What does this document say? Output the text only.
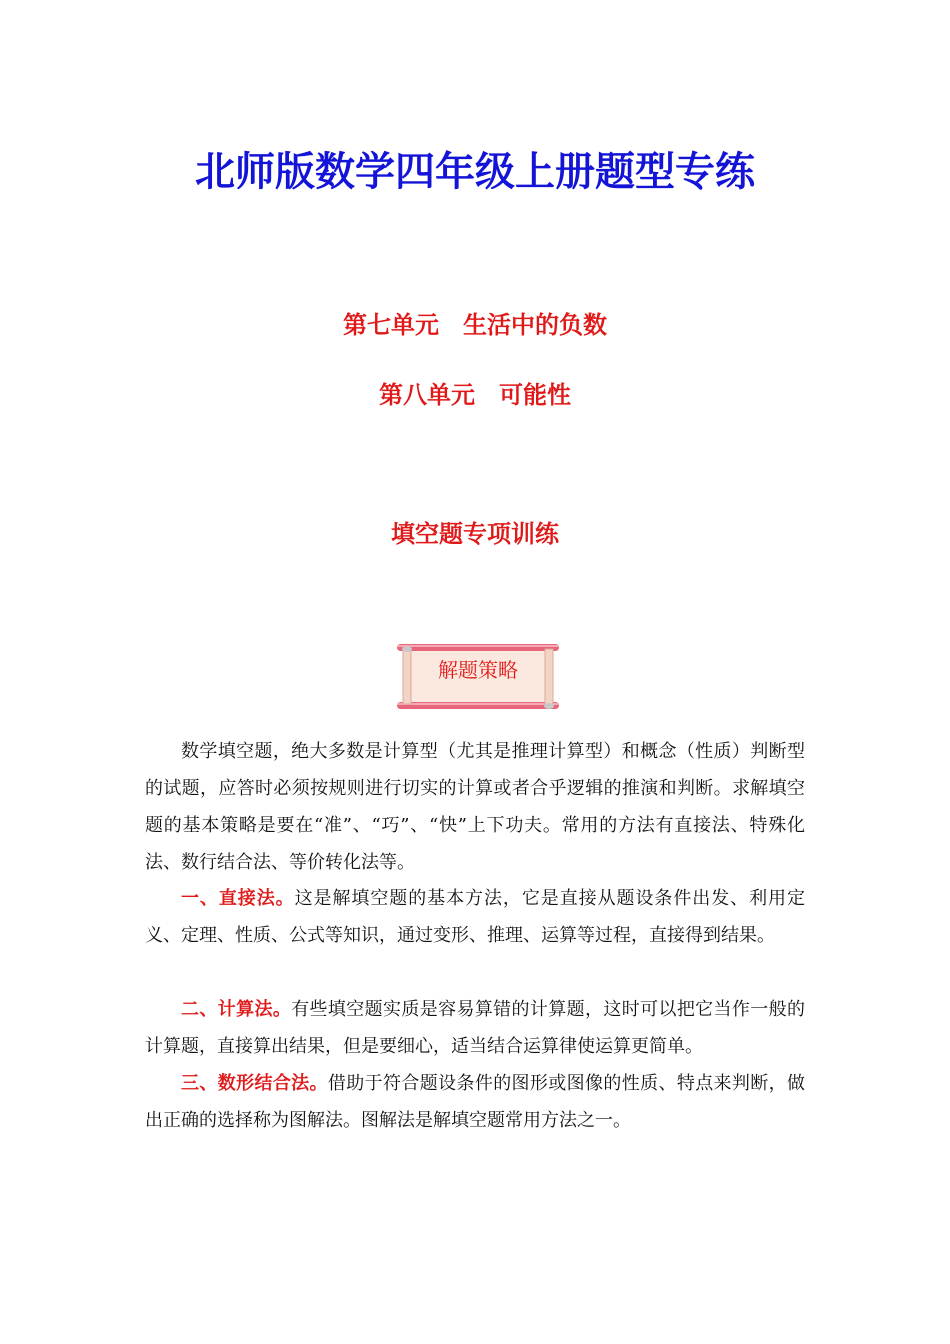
北师版数学四年级上册题型专练
第七单元　生活中的负数
第八单元　可能性
填空题专项训练
解题策略

数学填空题，绝大多数是计算型（尤其是推理计算型）和概念（性质）判断型的试题，应答时必须按规则进行切实的计算或者合乎逻辑的推演和判断。求解填空题的基本策略是要在“准”、“巧”、“快”上下功夫。常用的方法有直接法、特殊化法、数行结合法、等价转化法等。

一、直接法。这是解填空题的基本方法，它是直接从题设条件出发、利用定义、定理、性质、公式等知识，通过变形、推理、运算等过程，直接得到结果。

二、计算法。有些填空题实质是容易算错的计算题，这时可以把它当作一般的计算题，直接算出结果，但是要细心，适当结合运算律使运算更简单。

三、数形结合法。借助于符合题设条件的图形或图像的性质、特点来判断，做出正确的选择称为图解法。图解法是解填空题常用方法之一。
